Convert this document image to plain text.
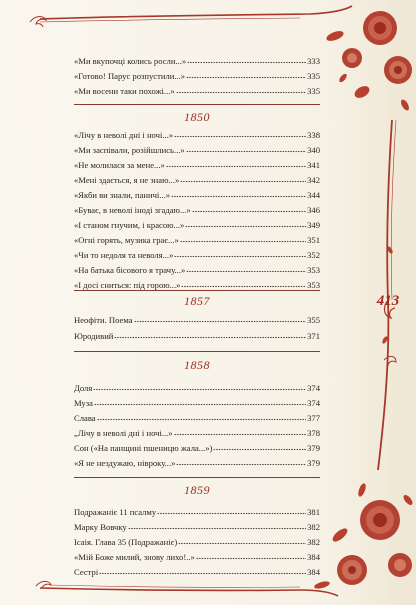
413
«Ми вкупочці колись росли...»	333
«Готово! Парус розпустили...»	335
«Ми восени таки похожі...»	335
1850
«Лічу в неволі дні і ночі...»	338
«Ми заспівали, розійшлись...»	340
«Не молилася за мене...»	341
«Мені здається, я не знаю...»	342
«Якби ви знали, паничі...»	344
«Буває, в неволі іноді згадаю...»	346
«І станом гнучим, і красою...»	349
«Огні горять, музика грає...»	351
«Чи то недоля та неволя...»	352
«На батька бісового я трачу...»	353
«І досі сниться: під горою...»	353
1857
Неофіти. Поема	355
Юродивий	371
1858
Доля	374
Муза	374
Слава	377
„Лічу в неволі дні і ночі...»	378
Сон («На панщині пшеницю жала...»)	379
«Я не нездужаю, нівроку...»	379
1859
Подражаніє 11 псалму	381
Марку Вовчку	382
Ісаія. Глава 35 (Подражаніє)	382
«Мій Боже милий, знову лихо!..»	384
Сестрі	384
